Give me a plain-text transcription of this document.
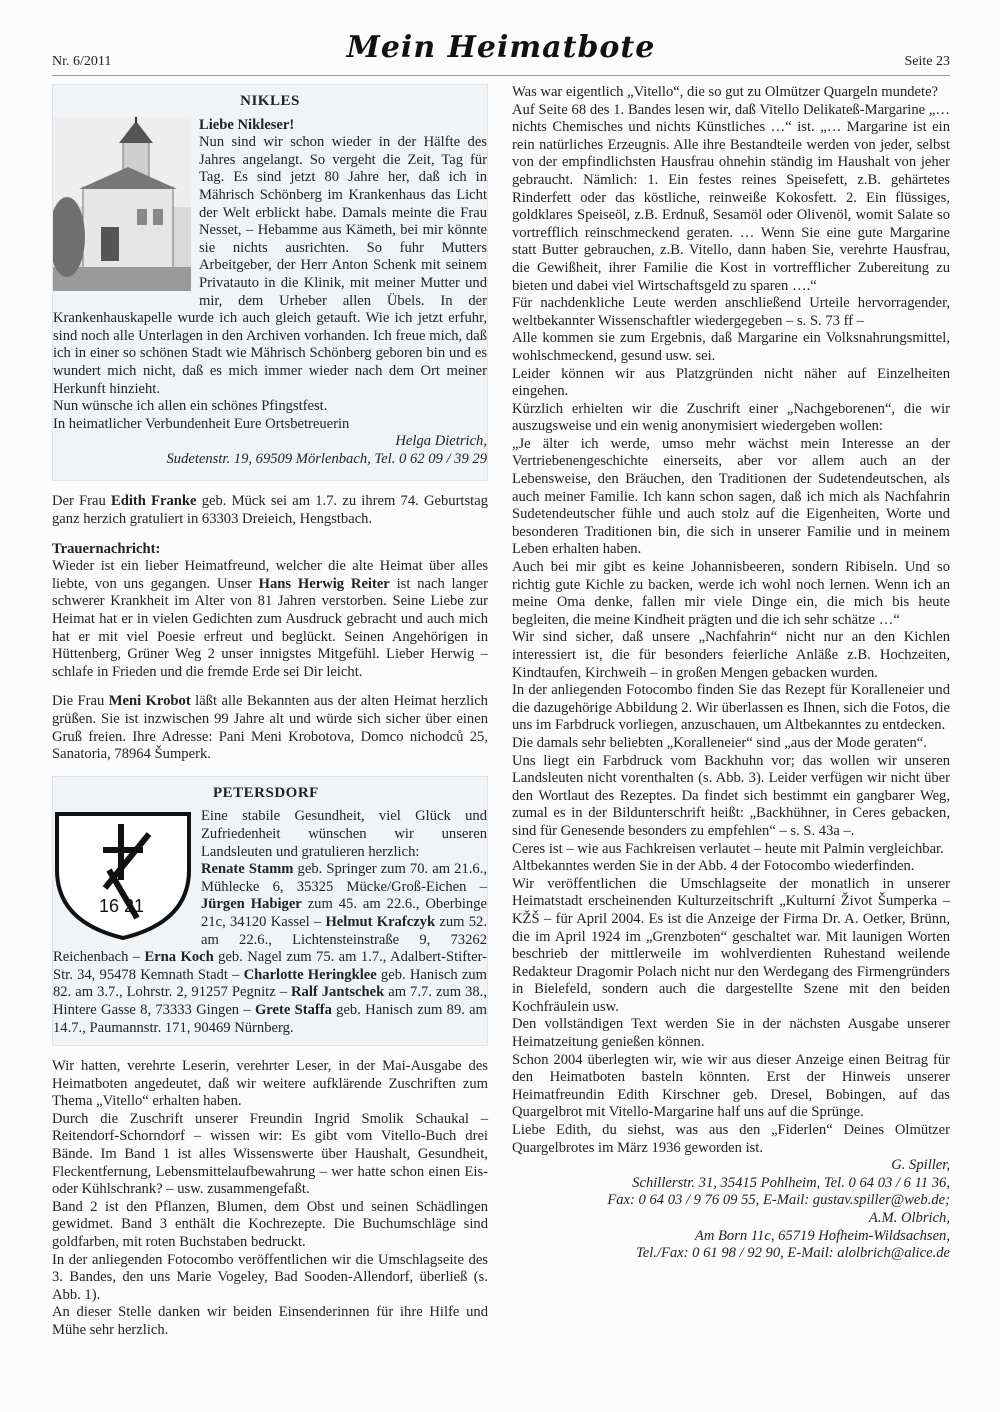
Nr. 6/2011	Mein Heimatbote	Seite 23
NIKLES

Liebe Nikleser!

Nun sind wir schon wieder in der Hälfte des Jahres angelangt. So vergeht die Zeit, Tag für Tag. Es sind jetzt 80 Jahre her, daß ich in Mährisch Schönberg im Krankenhaus das Licht der Welt erblickt habe. Damals meinte die Frau Nesset, – Hebamme aus Kämeth, bei mir könnte sie nichts ausrichten. So fuhr Mutters Arbeitgeber, der Herr Anton Schenk mit seinem Privatauto in die Klinik, mit meiner Mutter und mir, dem Urheber allen Übels. In der Krankenhauskapelle wurde ich auch gleich getauft. Wie ich jetzt erfuhr, sind noch alle Unterlagen in den Archiven vorhanden. Ich freue mich, daß ich in einer so schönen Stadt wie Mährisch Schönberg geboren bin und es wundert mich nicht, daß es mich immer wieder nach dem Ort meiner Herkunft hinzieht.

Nun wünsche ich allen ein schönes Pfingstfest.

In heimatlicher Verbundenheit Eure Ortsbetreuerin

Helga Dietrich,

Sudetenstr. 19, 69509 Mörlenbach, Tel. 0 62 09 / 39 29

Der Frau Edith Franke geb. Mück sei am 1.7. zu ihrem 74. Geburtstag ganz herzich gratuliert in 63303 Dreieich, Hengstbach.

Trauernachricht:

Wieder ist ein lieber Heimatfreund, welcher die alte Heimat über alles liebte, von uns gegangen. Unser Hans Herwig Reiter ist nach langer schwerer Krankheit im Alter von 81 Jahren verstorben. Seine Liebe zur Heimat hat er in vielen Gedichten zum Ausdruck gebracht und auch mich hat er mit viel Poesie erfreut und beglückt. Seinen Angehörigen in Hüttenberg, Grüner Weg 2 unser innigstes Mitgefühl. Lieber Herwig – schlafe in Frieden und die fremde Erde sei Dir leicht.

Die Frau Meni Krobot läßt alle Bekannten aus der alten Heimat herzlich grüßen. Sie ist inzwischen 99 Jahre alt und würde sich sicher über einen Gruß freien. Ihre Adresse: Pani Meni Krobotova, Domco nichodců 25, Sanatoria, 78964 Šumperk.

PETERSDORF
16 21

Eine stabile Gesundheit, viel Glück und Zufriedenheit wünschen wir unseren Landsleuten und gratulieren herzlich:

Renate Stamm geb. Springer zum 70. am 21.6., Mühlecke 6, 35325 Mücke/Groß-Eichen – Jürgen Habiger zum 45. am 22.6., Oberbinge 21c, 34120 Kassel – Helmut Krafczyk zum 52. am 22.6., Lichtensteinstraße 9, 73262 Reichenbach – Erna Koch geb. Nagel zum 75. am 1.7., Adalbert-Stifter-Str. 34, 95478 Kemnath Stadt – Charlotte Heringklee geb. Hanisch zum 82. am 3.7., Lohrstr. 2, 91257 Pegnitz – Ralf Jantschek am 7.7. zum 38., Hintere Gasse 8, 73333 Gingen – Grete Staffa geb. Hanisch zum 89. am 14.7., Paumannstr. 171, 90469 Nürnberg.

Wir hatten, verehrte Leserin, verehrter Leser, in der Mai-Ausgabe des Heimatboten angedeutet, daß wir weitere aufklärende Zuschriften zum Thema „Vitello“ erhalten haben.

Durch die Zuschrift unserer Freundin Ingrid Smolik Schaukal – Reitendorf-Schorndorf – wissen wir: Es gibt vom Vitello-Buch drei Bände. Im Band 1 ist alles Wissenswerte über Haushalt, Gesundheit, Fleckentfernung, Lebensmittelaufbewahrung – wer hatte schon einen Eis- oder Kühlschrank? – usw. zusammengefaßt.

Band 2 ist den Pflanzen, Blumen, dem Obst und seinen Schädlingen gewidmet. Band 3 enthält die Kochrezepte. Die Buchumschläge sind goldfarben, mit roten Buchstaben bedruckt.

In der anliegenden Fotocombo veröffentlichen wir die Umschlagseite des 3. Bandes, den uns Marie Vogeley, Bad Sooden-Allendorf, überließ (s. Abb. 1).

An dieser Stelle danken wir beiden Einsenderinnen für ihre Hilfe und Mühe sehr herzlich.

Was war eigentlich „Vitello“, die so gut zu Olmützer Quargeln mundete?

Auf Seite 68 des 1. Bandes lesen wir, daß Vitello Delikateß-Margarine „… nichts Chemisches und nichts Künstliches …“ ist. „… Margarine ist ein rein natürliches Erzeugnis. Alle ihre Bestandteile werden von jeder, selbst von der empfindlichsten Hausfrau ohnehin ständig im Haushalt von jeher gebraucht. Nämlich: 1. Ein festes reines Speisefett, z.B. gehärtetes Rinderfett oder das köstliche, reinweiße Kokosfett. 2. Ein flüssiges, goldklares Speiseöl, z.B. Erdnuß, Sesamöl oder Olivenöl, womit Salate so vortrefflich reinschmeckend geraten. … Wenn Sie eine gute Margarine statt Butter gebrauchen, z.B. Vitello, dann haben Sie, verehrte Hausfrau, die Gewißheit, ihrer Familie die Kost in vortrefflicher Zubereitung zu bieten und dabei viel Wirtschaftsgeld zu sparen ….“

Für nachdenkliche Leute werden anschließend Urteile hervorragender, weltbekannter Wissenschaftler wiedergegeben – s. S. 73 ff –

Alle kommen sie zum Ergebnis, daß Margarine ein Volksnahrungsmittel, wohlschmeckend, gesund usw. sei.

Leider können wir aus Platzgründen nicht näher auf Einzelheiten eingehen.

Kürzlich erhielten wir die Zuschrift einer „Nachgeborenen“, die wir auszugsweise und ein wenig anonymisiert wiedergeben wollen:

„Je älter ich werde, umso mehr wächst mein Interesse an der Vertriebenengeschichte einerseits, aber vor allem auch an der Lebensweise, den Bräuchen, den Traditionen der Sudetendeutschen, als auch meiner Familie. Ich kann schon sagen, daß ich mich als Nachfahrin Sudetendeutscher fühle und auch stolz auf die Eigenheiten, Worte und besonderen Traditionen bin, die sich in unserer Familie und in meinem Leben erhalten haben.

Auch bei mir gibt es keine Johannisbeeren, sondern Ribiseln. Und so richtig gute Kichle zu backen, werde ich wohl noch lernen. Wenn ich an meine Oma denke, fallen mir viele Dinge ein, die mich bis heute begleiten, die meine Kindheit prägten und die ich sehr schätze …“

Wir sind sicher, daß unsere „Nachfahrin“ nicht nur an den Kichlen interessiert ist, die für besonders feierliche Anläße z.B. Hochzeiten, Kindtaufen, Kirchweih – in großen Mengen gebacken wurden.

In der anliegenden Fotocombo finden Sie das Rezept für Koralleneier und die dazugehörige Abbildung 2. Wir überlassen es Ihnen, sich die Fotos, die uns im Farbdruck vorliegen, anzuschauen, um Altbekanntes zu entdecken.

Die damals sehr beliebten „Koralleneier“ sind „aus der Mode geraten“.

Uns liegt ein Farbdruck vom Backhuhn vor; das wollen wir unseren Landsleuten nicht vorenthalten (s. Abb. 3). Leider verfügen wir nicht über den Wortlaut des Rezeptes. Da findet sich bestimmt ein gangbarer Weg, zumal es in der Bildunterschrift heißt: „Backhühner, in Ceres gebacken, sind für Genesende besonders zu empfehlen“ – s. S. 43a –.

Ceres ist – wie aus Fachkreisen verlautet – heute mit Palmin vergleichbar.

Altbekanntes werden Sie in der Abb. 4 der Fotocombo wiederfinden.

Wir veröffentlichen die Umschlagseite der monatlich in unserer Heimatstadt erscheinenden Kulturzeitschrift „Kulturní Život Šumperka – KŽŠ – für April 2004. Es ist die Anzeige der Firma Dr. A. Oetker, Brünn, die im April 1924 im „Grenzboten“ geschaltet war. Mit launigen Worten beschrieb der mittlerweile im wohlverdienten Ruhestand weilende Redakteur Dragomir Polach nicht nur den Werdegang des Firmengründers in Bielefeld, sondern auch die dargestellte Szene mit den beiden Kochfräulein usw.

Den vollständigen Text werden Sie in der nächsten Ausgabe unserer Heimatzeitung genießen können.

Schon 2004 überlegten wir, wie wir aus dieser Anzeige einen Beitrag für den Heimatboten basteln könnten. Erst der Hinweis unserer Heimatfreundin Edith Kirschner geb. Dresel, Bobingen, auf das Quargelbrot mit Vitello-Margarine half uns auf die Sprünge.

Liebe Edith, du siehst, was aus den „Fiderlen“ Deines Olmützer Quargelbrotes im März 1936 geworden ist.

G. Spiller,

Schillerstr. 31, 35415 Pohlheim, Tel. 0 64 03 / 6 11 36,

Fax: 0 64 03 / 9 76 09 55, E-Mail: gustav.spiller@web.de;

A.M. Olbrich,

Am Born 11c, 65719 Hofheim-Wildsachsen,

Tel./Fax: 0 61 98 / 92 90, E-Mail: alolbrich@alice.de
